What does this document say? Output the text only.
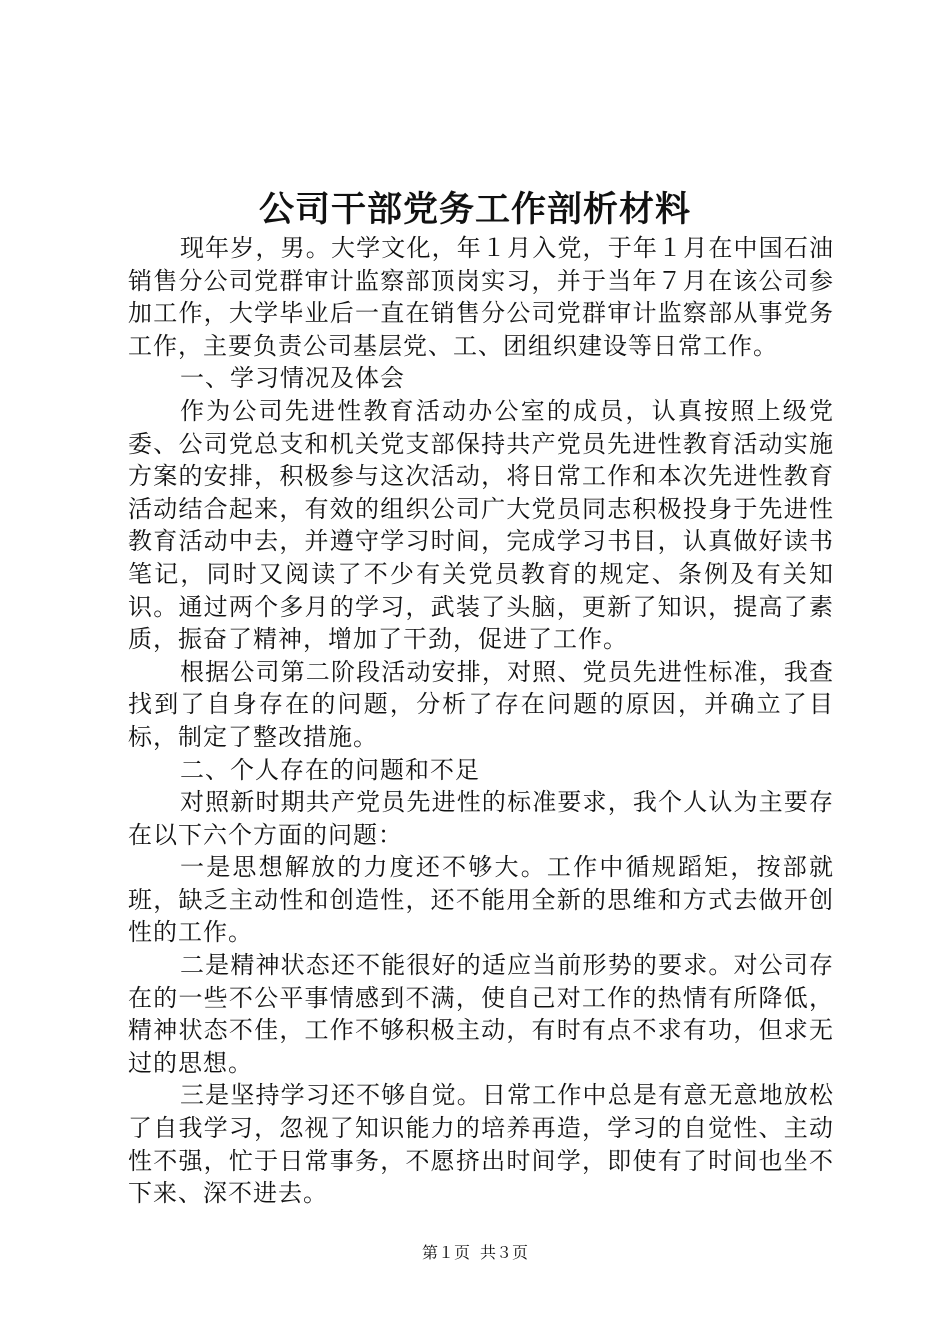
公司干部党务工作剖析材料

现年岁，男。大学文化，年１月入党，于年１月在中国石油销售分公司党群审计监察部顶岗实习，并于当年７月在该公司参加工作，大学毕业后一直在销售分公司党群审计监察部从事党务工作，主要负责公司基层党、工、团组织建设等日常工作。

一、学习情况及体会

作为公司先进性教育活动办公室的成员，认真按照上级党委、公司党总支和机关党支部保持共产党员先进性教育活动实施方案的安排，积极参与这次活动，将日常工作和本次先进性教育活动结合起来，有效的组织公司广大党员同志积极投身于先进性教育活动中去，并遵守学习时间，完成学习书目，认真做好读书笔记，同时又阅读了不少有关党员教育的规定、条例及有关知识。通过两个多月的学习，武装了头脑，更新了知识，提高了素质，振奋了精神，增加了干劲，促进了工作。

根据公司第二阶段活动安排，对照、党员先进性标准，我查找到了自身存在的问题，分析了存在问题的原因，并确立了目标，制定了整改措施。

二、个人存在的问题和不足

对照新时期共产党员先进性的标准要求，我个人认为主要存在以下六个方面的问题：

一是思想解放的力度还不够大。工作中循规蹈矩，按部就班，缺乏主动性和创造性，还不能用全新的思维和方式去做开创性的工作。

二是精神状态还不能很好的适应当前形势的要求。对公司存在的一些不公平事情感到不满，使自己对工作的热情有所降低，精神状态不佳，工作不够积极主动，有时有点不求有功，但求无过的思想。

三是坚持学习还不够自觉。日常工作中总是有意无意地放松了自我学习，忽视了知识能力的培养再造，学习的自觉性、主动性不强，忙于日常事务，不愿挤出时间学，即使有了时间也坐不下来、深不进去。

第１页 共３页
